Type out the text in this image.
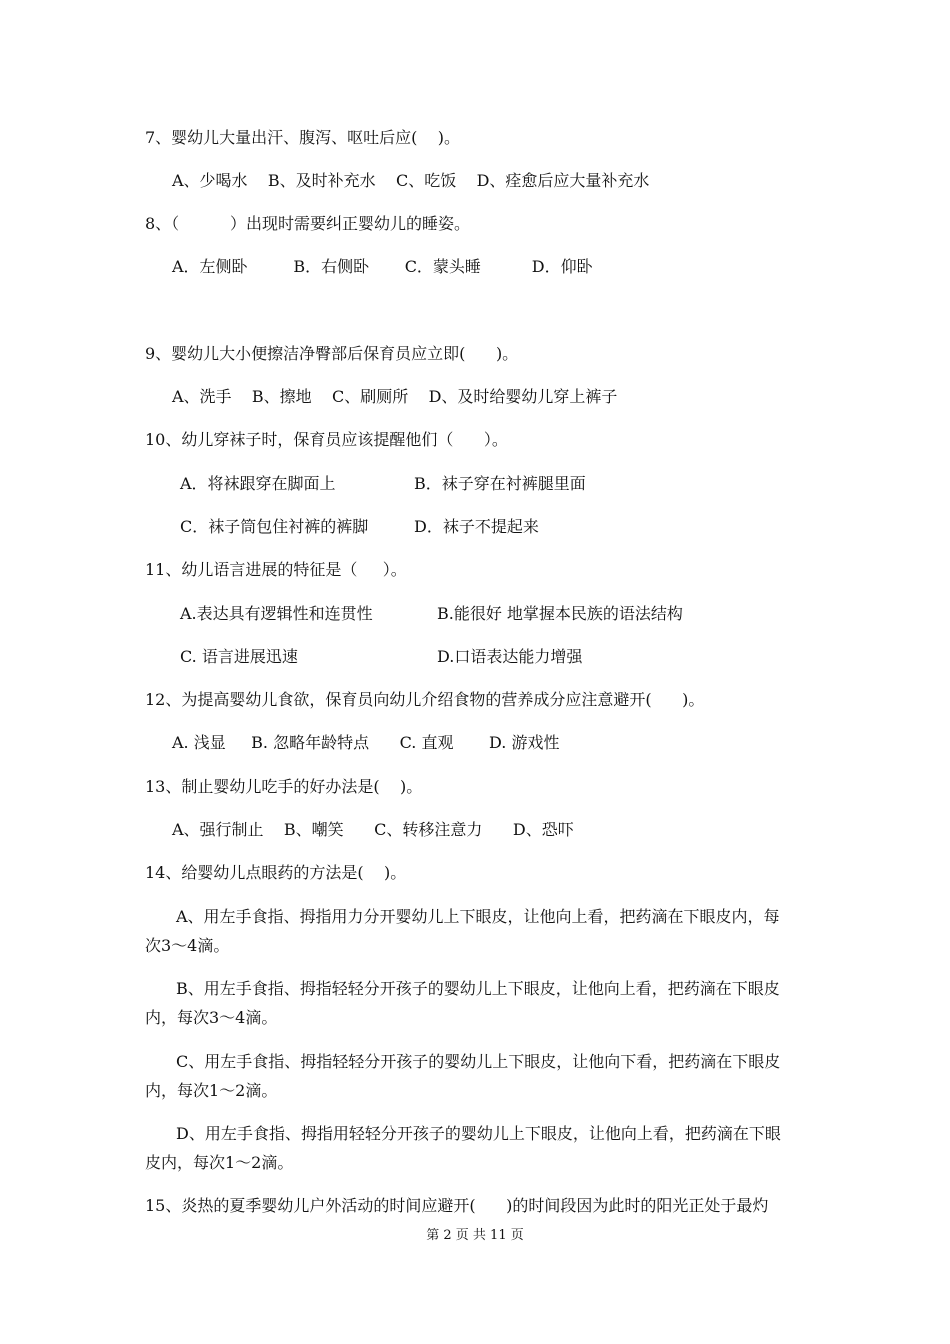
7、婴幼儿大量出汗、腹泻、呕吐后应(    )。
A、少喝水    B、及时补充水    C、吃饭    D、痊愈后应大量补充水
8、（          ）出现时需要纠正婴幼儿的睡姿。
A．左侧卧         B．右侧卧       C．蒙头睡          D．仰卧
9、婴幼儿大小便擦洁净臀部后保育员应立即(      )。
A、洗手    B、擦地    C、刷厕所    D、及时给婴幼儿穿上裤子
10、幼儿穿袜子时，保育员应该提醒他们（      ）。
A．将袜跟穿在脚面上	B．袜子穿在衬裤腿里面
C．袜子筒包住衬裤的裤脚	D．袜子不提起来
11、幼儿语言进展的特征是（     ）。
A.表达具有逻辑性和连贯性	B.能很好 地掌握本民族的语法结构
C. 语言进展迅速	D.口语表达能力增强
12、为提高婴幼儿食欲，保育员向幼儿介绍食物的营养成分应注意避开(      )。
A. 浅显     B. 忽略年龄特点      C. 直观       D. 游戏性
13、制止婴幼儿吃手的好办法是(    )。
A、强行制止    B、嘲笑      C、转移注意力      D、恐吓
14、给婴幼儿点眼药的方法是(    )。
A、用左手食指、拇指用力分开婴幼儿上下眼皮，让他向上看，把药滴在下眼皮内，每
次3～4滴。
B、用左手食指、拇指轻轻分开孩子的婴幼儿上下眼皮，让他向上看，把药滴在下眼皮
内，每次3～4滴。
C、用左手食指、拇指轻轻分开孩子的婴幼儿上下眼皮，让他向下看，把药滴在下眼皮
内，每次1～2滴。
D、用左手食指、拇指用轻轻分开孩子的婴幼儿上下眼皮，让他向上看，把药滴在下眼
皮内，每次1～2滴。
15、炎热的夏季婴幼儿户外活动的时间应避开(      )的时间段因为此时的阳光正处于最灼
第 2 页 共 11 页
